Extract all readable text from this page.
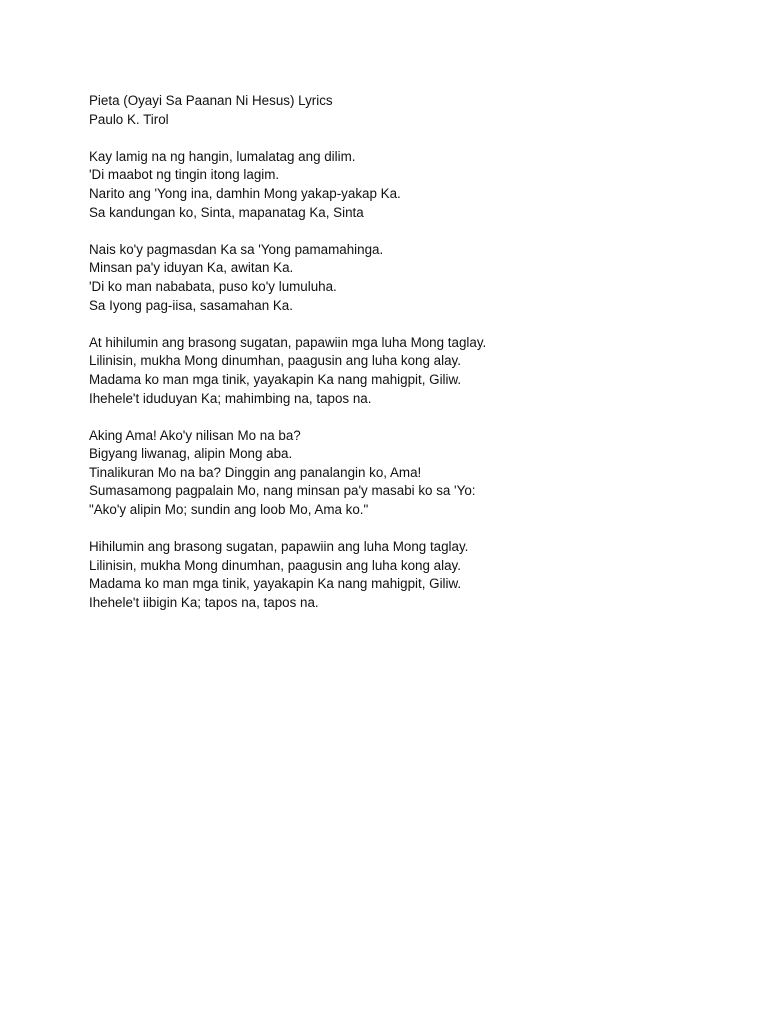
Pieta (Oyayi Sa Paanan Ni Hesus) Lyrics
Paulo K. Tirol
Kay lamig na ng hangin, lumalatag ang dilim.
'Di maabot ng tingin itong lagim.
Narito ang 'Yong ina, damhin Mong yakap-yakap Ka.
Sa kandungan ko, Sinta, mapanatag Ka, Sinta
Nais ko'y pagmasdan Ka sa 'Yong pamamahinga.
Minsan pa'y iduyan Ka, awitan Ka.
'Di ko man nababata, puso ko'y lumuluha.
Sa Iyong pag-iisa, sasamahan Ka.
At hihilumin ang brasong sugatan, papawiin mga luha Mong taglay.
Lilinisin, mukha Mong dinumhan, paagusin ang luha kong alay.
Madama ko man mga tinik, yayakapin Ka nang mahigpit, Giliw.
Ihehele't iduduyan Ka; mahimbing na, tapos na.
Aking Ama! Ako'y nilisan Mo na ba?
Bigyang liwanag, alipin Mong aba.
Tinalikuran Mo na ba? Dinggin ang panalangin ko, Ama!
Sumasamong pagpalain Mo, nang minsan pa'y masabi ko sa 'Yo:
"Ako'y alipin Mo; sundin ang loob Mo, Ama ko."
Hihilumin ang brasong sugatan, papawiin ang luha Mong taglay.
Lilinisin, mukha Mong dinumhan, paagusin ang luha kong alay.
Madama ko man mga tinik, yayakapin Ka nang mahigpit, Giliw.
Ihehele't iibigin Ka; tapos na, tapos na.
